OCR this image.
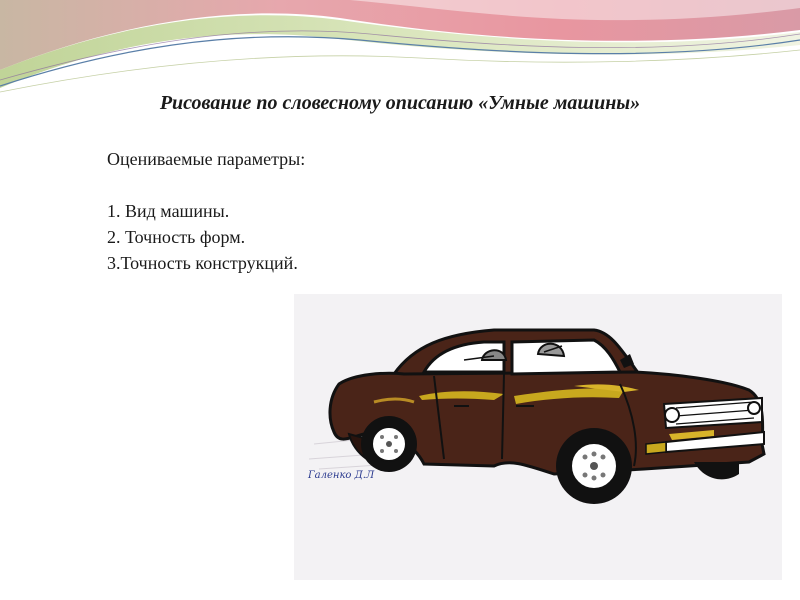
Рисование по словесному описанию «Умные машины»

Оцениваемые параметры:

1. Вид машины.
2. Точность форм.
3.Точность конструкций.
Галенко Д.Л
